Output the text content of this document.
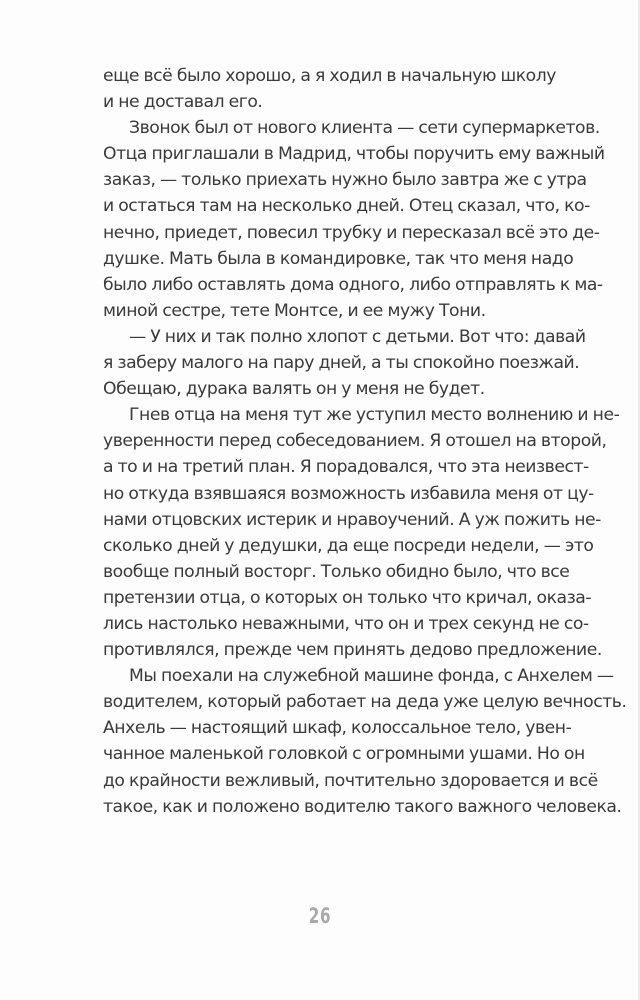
еще всё было хорошо, а я ходил в начальную школу
и не доставал его.

Звонок был от нового клиента — сети супермаркетов.
Отца приглашали в Мадрид, чтобы поручить ему важный
заказ, — только приехать нужно было завтра же с утра
и остаться там на несколько дней. Отец сказал, что, ко-
нечно, приедет, повесил трубку и пересказал всё это де-
душке. Мать была в командировке, так что меня надо
было либо оставлять дома одного, либо отправлять к ма-
миной сестре, тете Монтсе, и ее мужу Тони.

— У них и так полно хлопот с детьми. Вот что: давай
я заберу малого на пару дней, а ты спокойно поезжай.
Обещаю, дурака валять он у меня не будет.

Гнев отца на меня тут же уступил место волнению и не-
уверенности перед собеседованием. Я отошел на второй,
а то и на третий план. Я порадовался, что эта неизвест-
но откуда взявшаяся возможность избавила меня от цу-
нами отцовских истерик и нравоучений. А уж пожить не-
сколько дней у дедушки, да еще посреди недели, — это
вообще полный восторг. Только обидно было, что все
претензии отца, о которых он только что кричал, оказа-
лись настолько неважными, что он и трех секунд не со-
противлялся, прежде чем принять дедово предложение.

Мы поехали на служебной машине фонда, с Анхелем —
водителем, который работает на деда уже целую вечность.
Анхель — настоящий шкаф, колоссальное тело, увен-
чанное маленькой головкой с огромными ушами. Но он
до крайности вежливый, почтительно здоровается и всё
такое, как и положено водителю такого важного человека.

26
